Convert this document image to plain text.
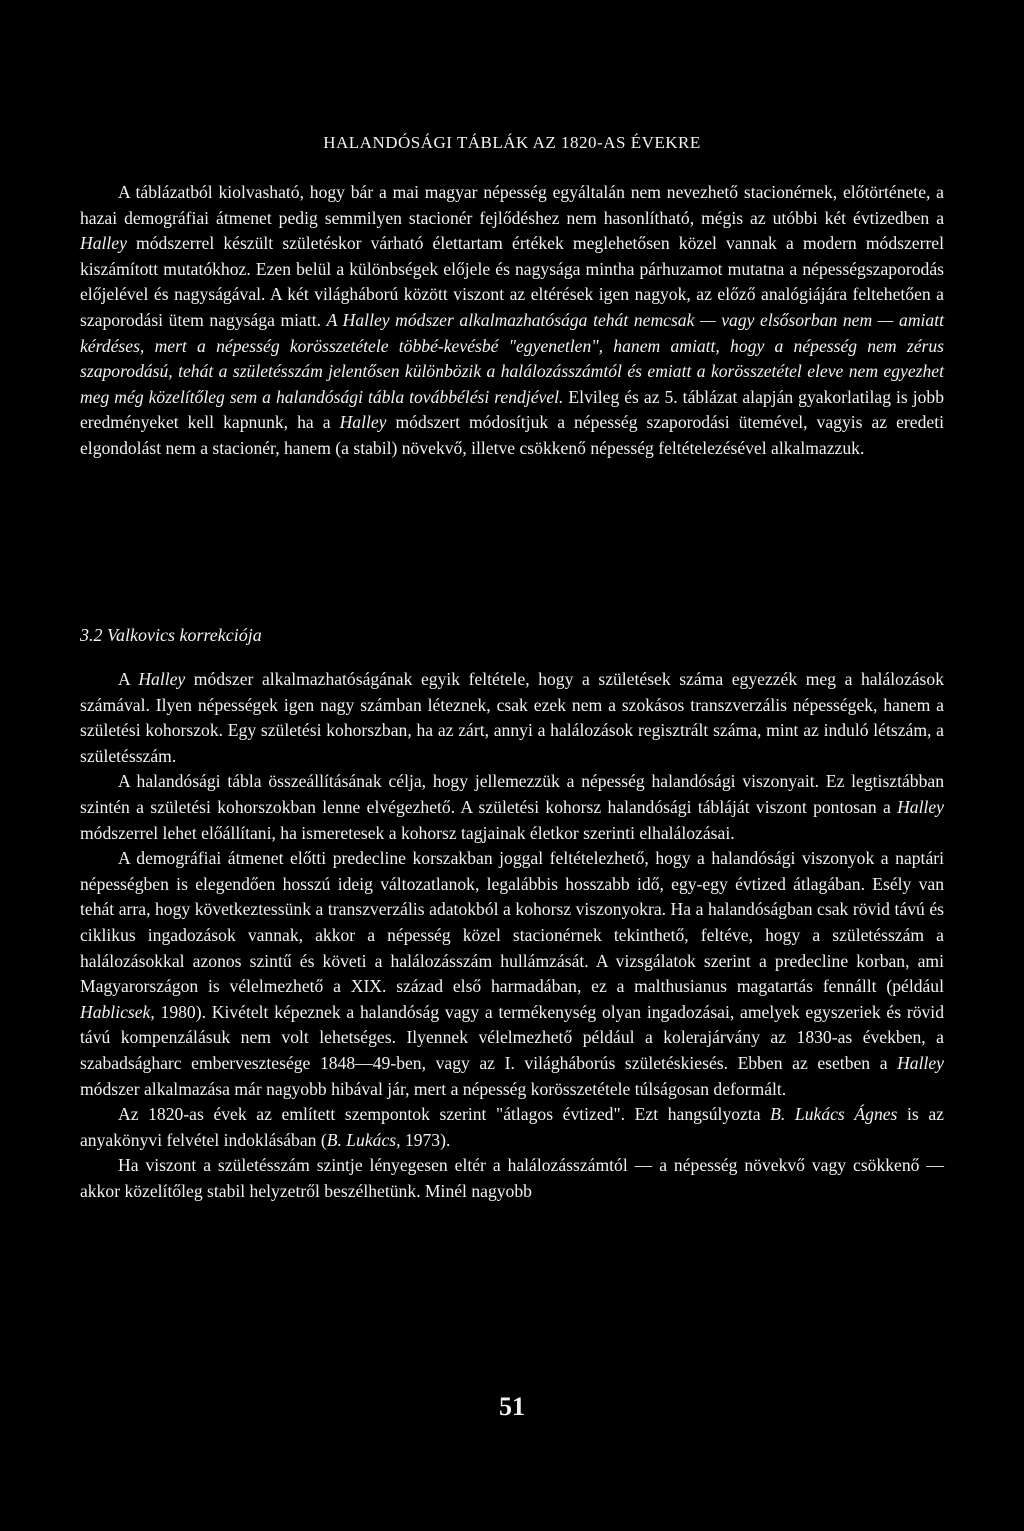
HALANDÓSÁGI TÁBLÁK AZ 1820-AS ÉVEKRE

A táblázatból kiolvasható, hogy bár a mai magyar népesség egyáltalán nem nevezhető stacionérnek, előtörténete, a hazai demográfiai átmenet pedig semmilyen stacionér fejlődéshez nem hasonlítható, mégis az utóbbi két évtizedben a Halley módszerrel készült születéskor várható élettartam értékek meglehetősen közel vannak a modern módszerrel kiszámított mutatókhoz. Ezen belül a különbségek előjele és nagysága mintha párhuzamot mutatna a népességszaporodás előjelével és nagyságával. A két világháború között viszont az eltérések igen nagyok, az előző analógiájára feltehetően a szaporodási ütem nagysága miatt. A Halley módszer alkalmazhatósága tehát nemcsak — vagy elsősorban nem — amiatt kérdéses, mert a népesség korösszetétele többé-kevésbé "egyenetlen", hanem amiatt, hogy a népesség nem zérus szaporodású, tehát a születésszám jelentősen különbözik a halálozásszámtól és emiatt a korösszetétel eleve nem egyezhet meg még közelítőleg sem a halandósági tábla továbbélési rendjével. Elvileg és az 5. táblázat alapján gyakorlatilag is jobb eredményeket kell kapnunk, ha a Halley módszert módosítjuk a népesség szaporodási ütemével, vagyis az eredeti elgondolást nem a stacionér, hanem (a stabil) növekvő, illetve csökkenő népesség feltételezésével alkalmazzuk.

3.2 Valkovics korrekciója

A Halley módszer alkalmazhatóságának egyik feltétele, hogy a születések száma egyezzék meg a halálozások számával. Ilyen népességek igen nagy számban léteznek, csak ezek nem a szokásos transzverzális népességek, hanem a születési kohorszok. Egy születési kohorszban, ha az zárt, annyi a halálozások regisztrált száma, mint az induló létszám, a születésszám.

A halandósági tábla összeállításának célja, hogy jellemezzük a népesség halandósági viszonyait. Ez legtisztábban szintén a születési kohorszokban lenne elvégezhető. A születési kohorsz halandósági tábláját viszont pontosan a Halley módszerrel lehet előállítani, ha ismeretesek a kohorsz tagjainak életkor szerinti elhalálozásai.

A demográfiai átmenet előtti predecline korszakban joggal feltételezhető, hogy a halandósági viszonyok a naptári népességben is elegendően hosszú ideig változatlanok, legalábbis hosszabb idő, egy-egy évtized átlagában. Esély van tehát arra, hogy következtessünk a transzverzális adatokból a kohorsz viszonyokra. Ha a halandóságban csak rövid távú és ciklikus ingadozások vannak, akkor a népesség közel stacionérnek tekinthető, feltéve, hogy a születésszám a halálozásokkal azonos szintű és követi a halálozásszám hullámzását. A vizsgálatok szerint a predecline korban, ami Magyarországon is vélelmezhető a XIX. század első harmadában, ez a malthusianus magatartás fennállt (például Hablicsek, 1980). Kivételt képeznek a halandóság vagy a termékenység olyan ingadozásai, amelyek egyszeriek és rövid távú kompenzálásuk nem volt lehetséges. Ilyennek vélelmezhető például a kolerajárvány az 1830-as években, a szabadságharc emberveszteségе 1848—49-ben, vagy az I. világháborús születéskiesés. Ebben az esetben a Halley módszer alkalmazása már nagyobb hibával jár, mert a népesség korösszetétele túlságosan deformált.

Az 1820-as évek az említett szempontok szerint "átlagos évtized". Ezt hangsúlyozta B. Lukács Ágnes is az anyakönyvi felvétel indoklásában (B. Lukács, 1973).

Ha viszont a születésszám szintje lényegesen eltér a halálozásszámtól — a népesség növekvő vagy csökkenő — akkor közelítőleg stabil helyzetről beszélhetünk. Minél nagyobb

51
